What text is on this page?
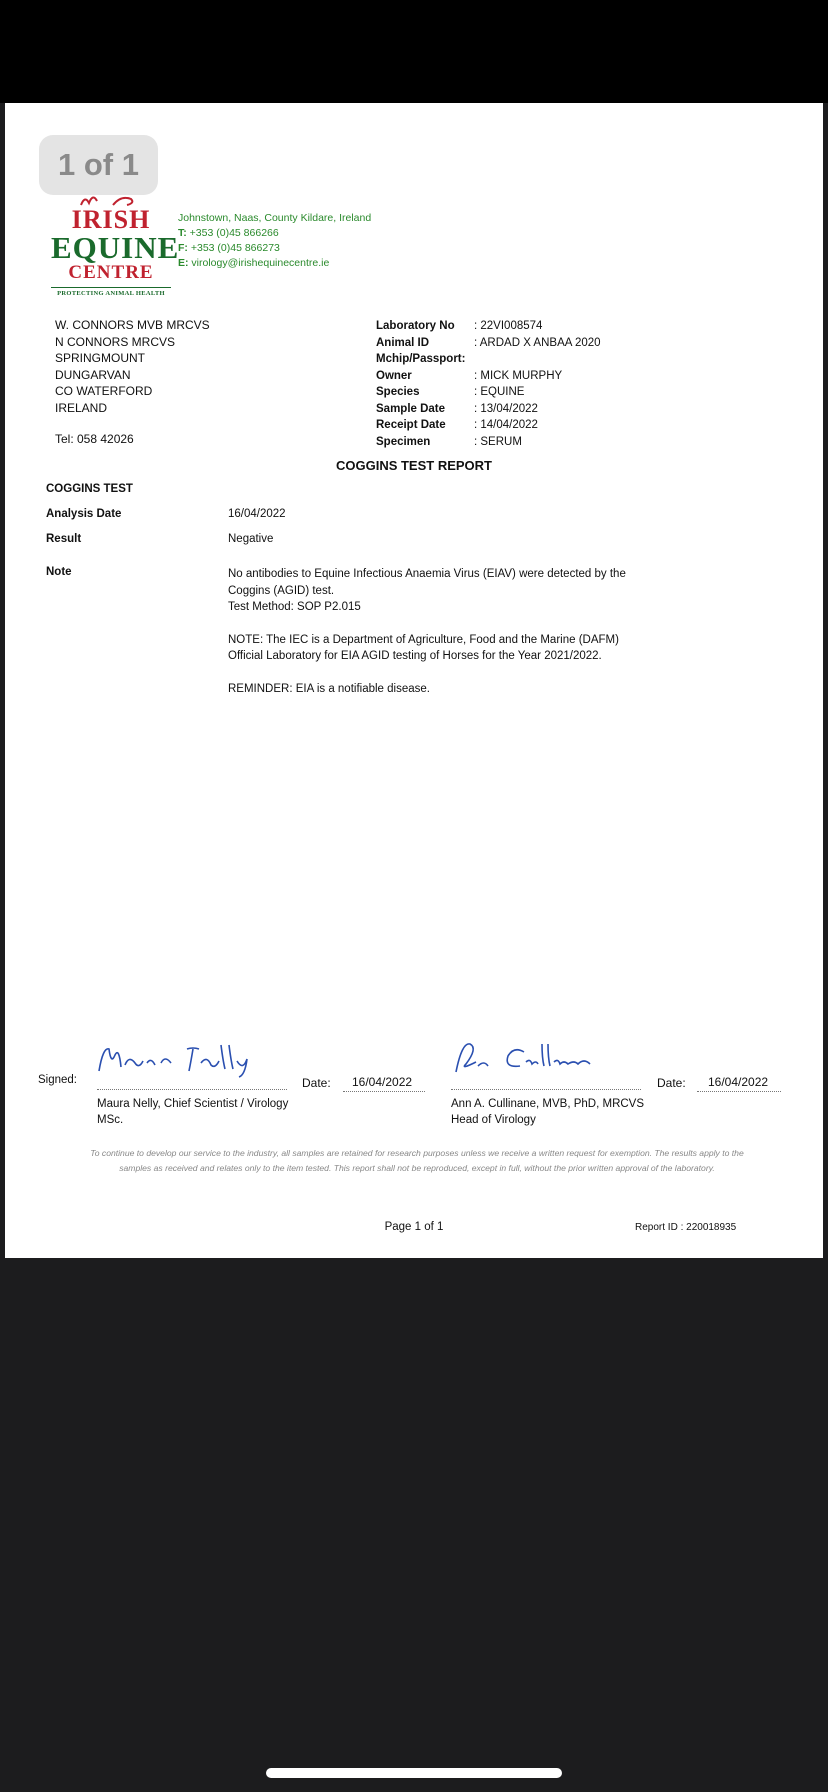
IRISH
EQUINE
CENTRE
PROTECTING ANIMAL HEALTH
1 of 1
Johnstown, Naas, County Kildare, Ireland
T: +353 (0)45 866266
F: +353 (0)45 866273
E: virology@irishequinecentre.ie
W. CONNORS MVB MRCVS
N CONNORS MRCVS
SPRINGMOUNT
DUNGARVAN
CO WATERFORD
IRELAND
Tel: 058 42026
Laboratory No	: 22VI008574
Animal ID	: ARDAD X ANBAA 2020
Mchip/Passport:
Owner	: MICK MURPHY
Species	: EQUINE
Sample Date	: 13/04/2022
Receipt Date	: 14/04/2022
Specimen	: SERUM
COGGINS TEST REPORT
COGGINS TEST
Analysis Date	16/04/2022
Result	Negative
Note	No antibodies to Equine Infectious Anaemia Virus (EIAV) were detected by the Coggins (AGID) test.

Test Method: SOP P2.015

NOTE: The IEC is a Department of Agriculture, Food and the Marine (DAFM) Official Laboratory for EIA AGID testing of Horses for the Year 2021/2022.

REMINDER: EIA is a notifiable disease.

Signed:	Date: 16/04/2022
Maura Nelly, Chief Scientist / Virology
MSc.
Date: 16/04/2022
Ann A. Cullinane, MVB, PhD, MRCVS
Head of Virology
To continue to develop our service to the industry, all samples are retained for research purposes unless we receive a written request for exemption. The results apply to the samples as received and relates only to the item tested. This report shall not be reproduced, except in full, without the prior written approval of the laboratory.
Page 1 of 1	Report ID : 220018935
